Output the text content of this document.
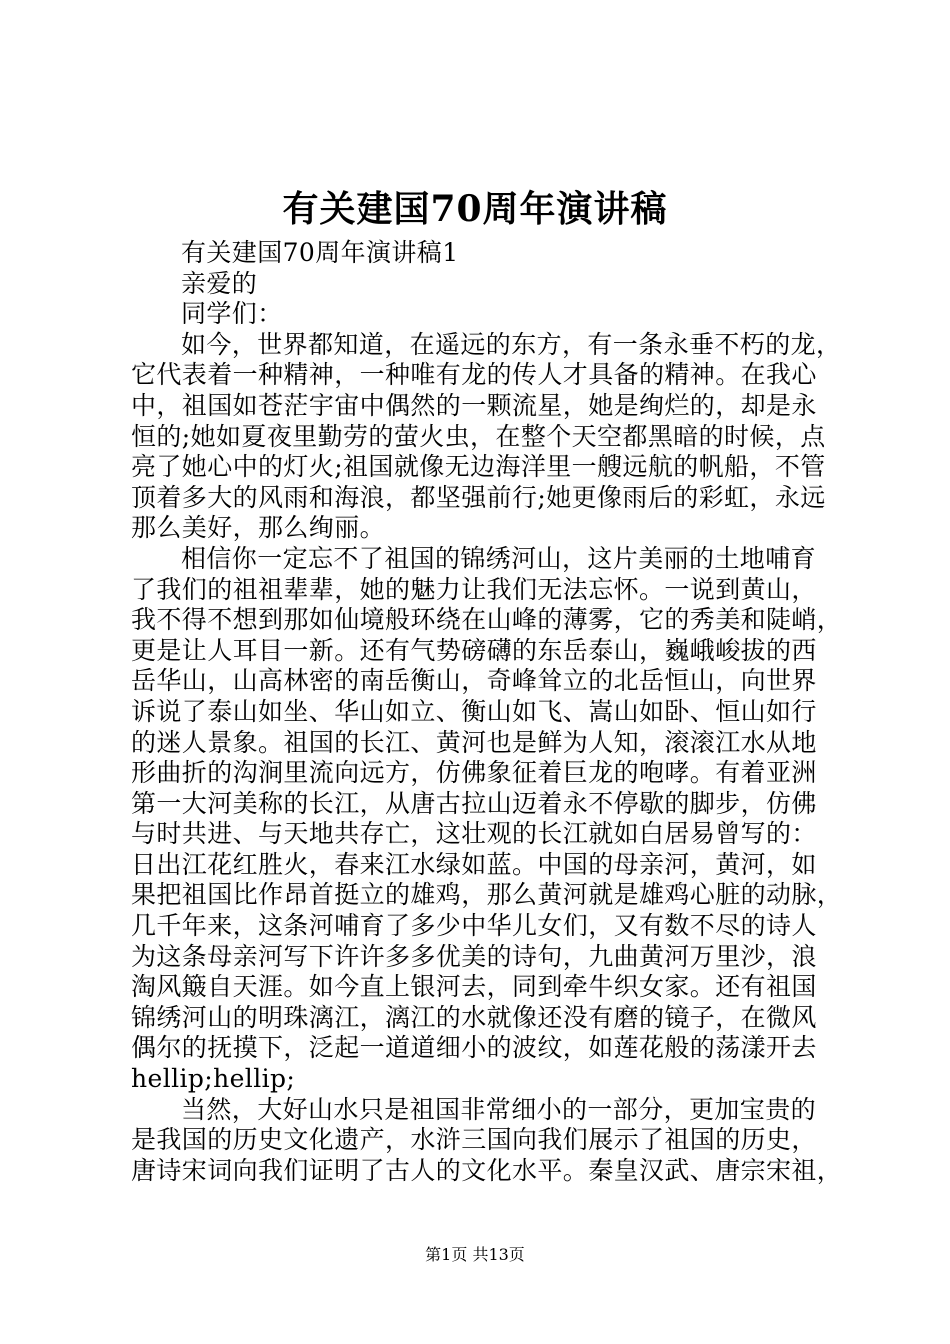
有关建国70周年演讲稿
有关建国70周年演讲稿1
亲爱的
同学们：
如今，世界都知道，在遥远的东方，有一条永垂不朽的龙，
它代表着一种精神，一种唯有龙的传人才具备的精神。在我心
中，祖国如苍茫宇宙中偶然的一颗流星，她是绚烂的，却是永
恒的;她如夏夜里勤劳的萤火虫，在整个天空都黑暗的时候，点
亮了她心中的灯火;祖国就像无边海洋里一艘远航的帆船，不管
顶着多大的风雨和海浪，都坚强前行;她更像雨后的彩虹，永远
那么美好，那么绚丽。
相信你一定忘不了祖国的锦绣河山，这片美丽的土地哺育
了我们的祖祖辈辈，她的魅力让我们无法忘怀。一说到黄山，
我不得不想到那如仙境般环绕在山峰的薄雾，它的秀美和陡峭，
更是让人耳目一新。还有气势磅礴的东岳泰山，巍峨峻拔的西
岳华山，山高林密的南岳衡山，奇峰耸立的北岳恒山，向世界
诉说了泰山如坐、华山如立、衡山如飞、嵩山如卧、恒山如行
的迷人景象。祖国的长江、黄河也是鲜为人知，滚滚江水从地
形曲折的沟涧里流向远方，仿佛象征着巨龙的咆哮。有着亚洲
第一大河美称的长江，从唐古拉山迈着永不停歇的脚步，仿佛
与时共进、与天地共存亡，这壮观的长江就如白居易曾写的：
日出江花红胜火，春来江水绿如蓝。中国的母亲河，黄河，如
果把祖国比作昂首挺立的雄鸡，那么黄河就是雄鸡心脏的动脉，
几千年来，这条河哺育了多少中华儿女们，又有数不尽的诗人
为这条母亲河写下许许多多优美的诗句，九曲黄河万里沙，浪
淘风簸自天涯。如今直上银河去，同到牵牛织女家。还有祖国
锦绣河山的明珠漓江，漓江的水就像还没有磨的镜子，在微风
偶尔的抚摸下，泛起一道道细小的波纹，如莲花般的荡漾开去
hellip;hellip;
当然，大好山水只是祖国非常细小的一部分，更加宝贵的
是我国的历史文化遗产，水浒三国向我们展示了祖国的历史，
唐诗宋词向我们证明了古人的文化水平。秦皇汉武、唐宗宋祖，
第1页 共13页
